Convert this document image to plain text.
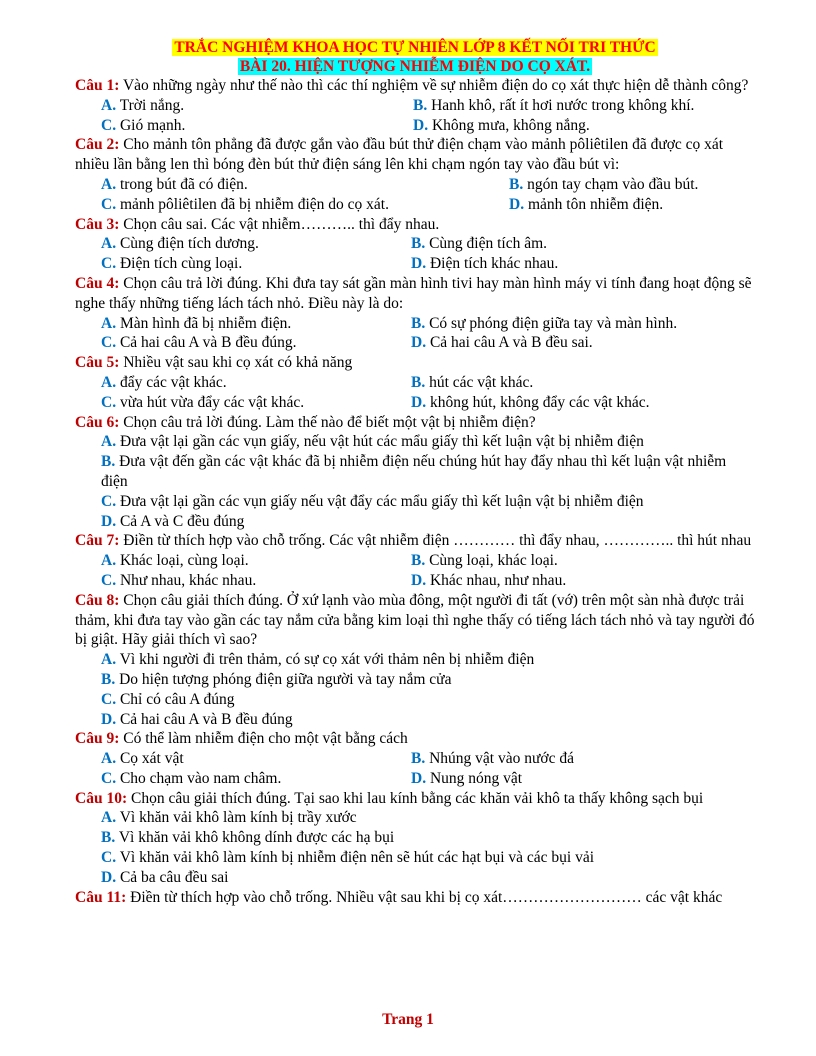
TRẮC NGHIỆM KHOA HỌC TỰ NHIÊN LỚP 8 KẾT NỐI TRI THỨC
BÀI 20. HIỆN TƯỢNG NHIỄM ĐIỆN DO CỌ XÁT.

Câu 1: Vào những ngày như thế nào thì các thí nghiệm về sự nhiễm điện do cọ xát thực hiện dễ thành công?

A. Trời nắng.	B. Hanh khô, rất ít hơi nước trong không khí.
C. Gió mạnh.	D. Không mưa, không nắng.

Câu 2: Cho mảnh tôn phẳng đã được gắn vào đầu bút thử điện chạm vào mảnh pôliêtilen đã được cọ xát nhiều lần bằng len thì bóng đèn bút thử điện sáng lên khi chạm ngón tay vào đầu bút vì:

A. trong bút đã có điện.	B. ngón tay chạm vào đầu bút.
C. mảnh pôliêtilen đã bị nhiễm điện do cọ xát.	D. mảnh tôn nhiễm điện.

Câu 3: Chọn câu sai. Các vật nhiễm……….. thì đẩy nhau.

A. Cùng điện tích dương.	B. Cùng điện tích âm.
C. Điện tích cùng loại.	D. Điện tích khác nhau.

Câu 4: Chọn câu trả lời đúng. Khi đưa tay sát gần màn hình tivi hay màn hình máy vi tính đang hoạt động sẽ nghe thấy những tiếng lách tách nhỏ. Điều này là do:

A. Màn hình đã bị nhiễm điện.	B. Có sự phóng điện giữa tay và màn hình.
C. Cả hai câu A và B đều đúng.	D. Cả hai câu A và B đều sai.

Câu 5: Nhiều vật sau khi cọ xát có khả năng

A. đẩy các vật khác.	B. hút các vật khác.
C. vừa hút vừa đẩy các vật khác.	D. không hút, không đẩy các vật khác.

Câu 6: Chọn câu trả lời đúng. Làm thế nào để biết một vật bị nhiễm điện?

A. Đưa vật lại gần các vụn giấy, nếu vật hút các mẩu giấy thì kết luận vật bị nhiễm điện
B. Đưa vật đến gần các vật khác đã bị nhiễm điện nếu chúng hút hay đẩy nhau thì kết luận vật nhiễm điện
C. Đưa vật lại gần các vụn giấy nếu vật đẩy các mẩu giấy thì kết luận vật bị nhiễm điện
D. Cả A và C đều đúng

Câu 7: Điền từ thích hợp vào chỗ trống. Các vật nhiễm điện ………… thì đẩy nhau, ………….. thì hút nhau

A. Khác loại, cùng loại.	B. Cùng loại, khác loại.
C. Như nhau, khác nhau.	D. Khác nhau, như nhau.

Câu 8: Chọn câu giải thích đúng. Ở xứ lạnh vào mùa đông, một người đi tất (vớ) trên một sàn nhà được trải thảm, khi đưa tay vào gần các tay nắm cửa bằng kim loại thì nghe thấy có tiếng lách tách nhỏ và tay người đó bị giật. Hãy giải thích vì sao?

A. Vì khi người đi trên thảm, có sự cọ xát với thảm nên bị nhiễm điện
B. Do hiện tượng phóng điện giữa người và tay nắm cửa
C. Chỉ có câu A đúng
D. Cả hai câu A và B đều đúng

Câu 9: Có thể làm nhiễm điện cho một vật bằng cách

A. Cọ xát vật	B. Nhúng vật vào nước đá
C. Cho chạm vào nam châm.	D. Nung nóng vật

Câu 10: Chọn câu giải thích đúng. Tại sao khi lau kính bằng các khăn vải khô ta thấy không sạch bụi

A. Vì khăn vải khô làm kính bị trầy xước
B. Vì khăn vải khô không dính được các hạ bụi
C. Vì khăn vải khô làm kính bị nhiễm điện nên sẽ hút các hạt bụi và các bụi vải
D. Cả ba câu đều sai

Câu 11: Điền từ thích hợp vào chỗ trống. Nhiều vật sau khi bị cọ xát……………………… các vật khác

Trang 1
